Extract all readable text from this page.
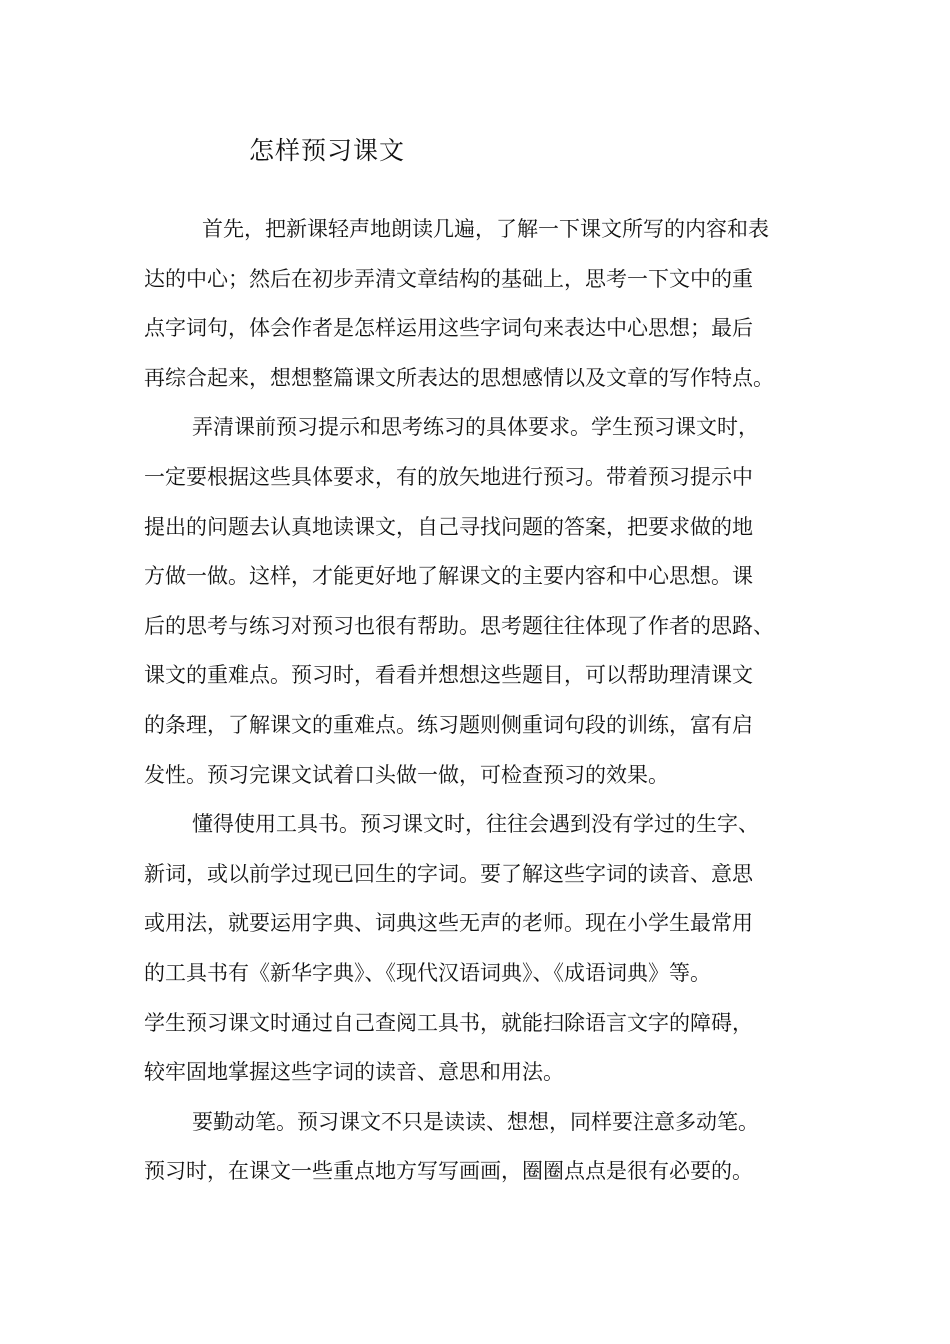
怎样预习课文
首先，把新课轻声地朗读几遍，了解一下课文所写的内容和表
达的中心；然后在初步弄清文章结构的基础上，思考一下文中的重
点字词句，体会作者是怎样运用这些字词句来表达中心思想；最后
再综合起来，想想整篇课文所表达的思想感情以及文章的写作特点。
弄清课前预习提示和思考练习的具体要求。学生预习课文时，
一定要根据这些具体要求，有的放矢地进行预习。带着预习提示中
提出的问题去认真地读课文，自己寻找问题的答案，把要求做的地
方做一做。这样，才能更好地了解课文的主要内容和中心思想。课
后的思考与练习对预习也很有帮助。思考题往往体现了作者的思路、
课文的重难点。预习时，看看并想想这些题目，可以帮助理清课文
的条理，了解课文的重难点。练习题则侧重词句段的训练，富有启
发性。预习完课文试着口头做一做，可检查预习的效果。
懂得使用工具书。预习课文时，往往会遇到没有学过的生字、
新词，或以前学过现已回生的字词。要了解这些字词的读音、意思
或用法，就要运用字典、词典这些无声的老师。现在小学生最常用
的工具书有《新华字典》、《现代汉语词典》、《成语词典》等。
学生预习课文时通过自己查阅工具书，就能扫除语言文字的障碍，
较牢固地掌握这些字词的读音、意思和用法。
要勤动笔。预习课文不只是读读、想想，同样要注意多动笔。
预习时，在课文一些重点地方写写画画，圈圈点点是很有必要的。
